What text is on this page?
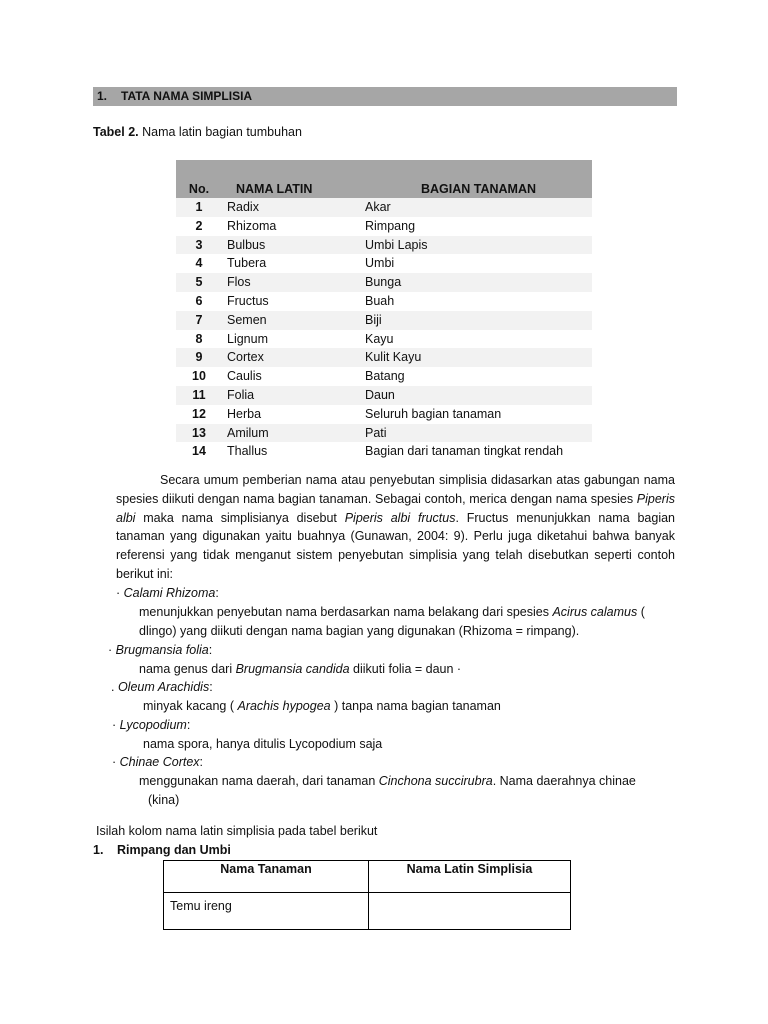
1. TATA NAMA SIMPLISIA
Tabel 2. Nama latin bagian tumbuhan
No.	NAMA LATIN	BAGIAN TANAMAN
1	Radix	Akar
2	Rhizoma	Rimpang
3	Bulbus	Umbi Lapis
4	Tubera	Umbi
5	Flos	Bunga
6	Fructus	Buah
7	Semen	Biji
8	Lignum	Kayu
9	Cortex	Kulit Kayu
10	Caulis	Batang
11	Folia	Daun
12	Herba	Seluruh bagian tanaman
13	Amilum	Pati
14	Thallus	Bagian dari tanaman tingkat rendah
Secara umum pemberian nama atau penyebutan simplisia didasarkan atas gabungan nama spesies diikuti dengan nama bagian tanaman. Sebagai contoh, merica dengan nama spesies Piperis albi maka nama simplisianya disebut Piperis albi fructus. Fructus menunjukkan nama bagian tanaman yang digunakan yaitu buahnya (Gunawan, 2004: 9). Perlu juga diketahui bahwa banyak referensi yang tidak menganut sistem penyebutan simplisia yang telah disebutkan seperti contoh berikut ini:
· Calami Rhizoma:
menunjukkan penyebutan nama berdasarkan nama belakang dari spesies Acirus calamus (
dlingo) yang diikuti dengan nama bagian yang digunakan (Rhizoma = rimpang).
· Brugmansia folia:
nama genus dari Brugmansia candida diikuti folia = daun ·
. Oleum Arachidis:
minyak kacang ( Arachis hypogea ) tanpa nama bagian tanaman
· Lycopodium:
nama spora, hanya ditulis Lycopodium saja
· Chinae Cortex:
menggunakan nama daerah, dari tanaman Cinchona succirubra. Nama daerahnya chinae
(kina)
Isilah kolom nama latin simplisia pada tabel berikut
1. Rimpang dan Umbi
Nama Tanaman	Nama Latin Simplisia
Temu ireng	
